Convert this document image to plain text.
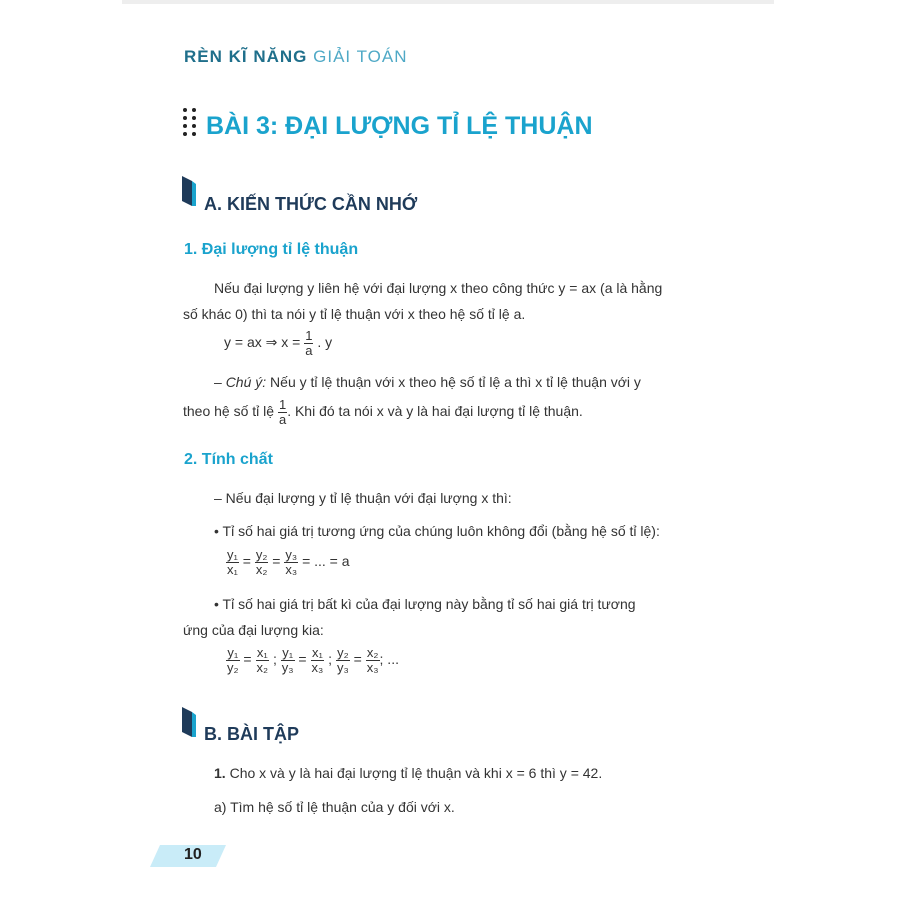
RÈN KĨ NĂNG GIẢI TOÁN
BÀI 3: ĐẠI LƯỢNG TỈ LỆ THUẬN
A. KIẾN THỨC CẦN NHỚ
1. Đại lượng tỉ lệ thuận
Nếu đại lượng y liên hệ với đại lượng x theo công thức y = ax (a là hằng
số khác 0) thì ta nói y tỉ lệ thuận với x theo hệ số tỉ lệ a.
y = ax ⇒ $x = \frac{1}{a}$ . y
– Chú ý: Nếu y tỉ lệ thuận với x theo hệ số tỉ lệ a thì x tỉ lệ thuận với y
theo hệ số tỉ lệ $\frac{1}{a}$ . Khi đó ta nói x và y là hai đại lượng tỉ lệ thuận.
2. Tính chất
– Nếu đại lượng y tỉ lệ thuận với đại lượng x thì:
• Tỉ số hai giá trị tương ứng của chúng luôn không đổi (bằng hệ số tỉ lệ):
$\frac{\text{y₁}}{\text{x₁}} = \frac{\text{y₂}}{\text{x₂}} = \frac{\text{y₃}}{\text{x₃}}$ = ... = a
• Tỉ số hai giá trị bất kì của đại lượng này bằng tỉ số hai giá trị tương
ứng của đại lượng kia:
$\frac{\text{y₁}}{\text{y₂}} = \frac{\text{x₁}}{\text{x₂}}$ ; $\frac{\text{y₁}}{\text{y₃}} = \frac{\text{x₁}}{\text{x₃}}$ ; $\frac{\text{y₂}}{\text{y₃}} = \frac{\text{x₂}}{\text{x₃}}$ ; ...
B. BÀI TẬP
1. Cho x và y là hai đại lượng tỉ lệ thuận và khi x = 6 thì y = 42.
a) Tìm hệ số tỉ lệ thuận của y đối với x.
10
